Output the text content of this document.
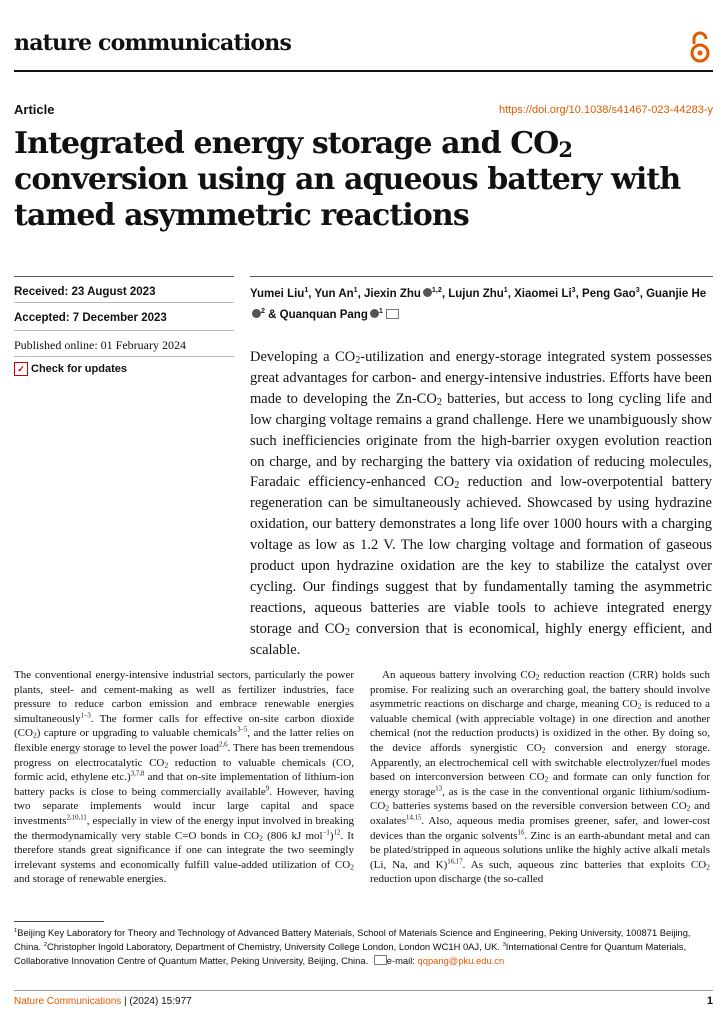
nature communications
Article	https://doi.org/10.1038/s41467-023-44283-y
Integrated energy storage and CO2
conversion using an aqueous battery with tamed asymmetric reactions
Received: 23 August 2023
Accepted: 7 December 2023
Published online: 01 February 2024
✓ Check for updates
Yumei Liu$^1$, Yun An$^1$, Jiexin Zhu $^{1,2}$, Lujun Zhu$^1$, Xiaomei Li$^3$, Peng Gao$^3$, Guanjie He$^2$ & Quanquan Pang $^1$
Developing a CO2-utilization and energy-storage integrated system possesses great advantages for carbon- and energy-intensive industries. Efforts have been made to developing the Zn-CO2 batteries, but access to long cycling life and low charging voltage remains a grand challenge. Here we unambiguously show such inefficiencies originate from the high-barrier oxygen evolution reaction on charge, and by recharging the battery via oxidation of reducing molecules, Faradaic efficiency-enhanced CO2 reduction and low-overpotential battery regeneration can be simultaneously achieved. Showcased by using hydrazine oxidation, our battery demonstrates a long life over 1000 hours with a charging voltage as low as 1.2 V. The low charging voltage and formation of gaseous product upon hydrazine oxidation are the key to stabilize the catalyst over cycling. Our findings suggest that by fundamentally taming the asymmetric reactions, aqueous batteries are viable tools to achieve integrated energy storage and CO2 conversion that is economical, highly energy efficient, and scalable.

The conventional energy-intensive industrial sectors, particularly the power plants, steel- and cement-making as well as fertilizer industries, face pressure to reduce carbon emission and embrace renewable energies simultaneously$^{1-3}$. The former calls for effective on-site carbon dioxide (CO2) capture or upgrading to valuable chemicals$^{3-5}$, and the latter relies on flexible energy storage to level the power load$^{2,6}$. There has been tremendous progress on electrocatalytic CO2 reduction to valuable chemicals (CO, formic acid, ethylene etc.)$^{3,7,8}$ and that on-site implementation of lithium-ion battery packs is close to being commercially available$^9$. However, having two separate implements would incur large capital and space investments$^{2,10,11}$, especially in view of the energy input involved in breaking the thermodynamically very stable C=O bonds in CO2 (806 kJ mol$^{-1}$)$^{12}$. It therefore stands great significance if one can integrate the two seemingly irrelevant systems and economically fulfill value-added utilization of CO2 and storage of renewable energies.

An aqueous battery involving CO2 reduction reaction (CRR) holds such promise. For realizing such an overarching goal, the battery should involve asymmetric reactions on discharge and charge, meaning CO2 is reduced to a valuable chemical (with appreciable voltage) in one direction and another chemical (not the reduction products) is oxidized in the other. By doing so, the device affords synergistic CO2 conversion and energy storage. Apparently, an electrochemical cell with switchable electrolyzer/fuel modes based on interconversion between CO2 and formate can only function for energy storage$^{13}$, as is the case in the conventional organic lithium/sodium-CO2 batteries systems based on the reversible conversion between CO2 and oxalates$^{14,15}$. Also, aqueous media promises greener, safer, and lower-cost devices than the organic solvents$^{16}$. Zinc is an earth-abundant metal and can be plated/stripped in aqueous solutions unlike the highly active alkali metals (Li, Na, and K)$^{16,17}$. As such, aqueous zinc batteries that exploits CO2 reduction upon discharge (the so-called

$^1$Beijing Key Laboratory for Theory and Technology of Advanced Battery Materials, School of Materials Science and Engineering, Peking University, 100871 Beijing, China. $^2$Christopher Ingold Laboratory, Department of Chemistry, University College London, London WC1H 0AJ, UK. $^3$International Centre for Quantum Materials, Collaborative Innovation Centre of Quantum Matter, Peking University, Beijing, China. e-mail: qqpang@pku.edu.cn
Nature Communications | (2024) 15:977	1
